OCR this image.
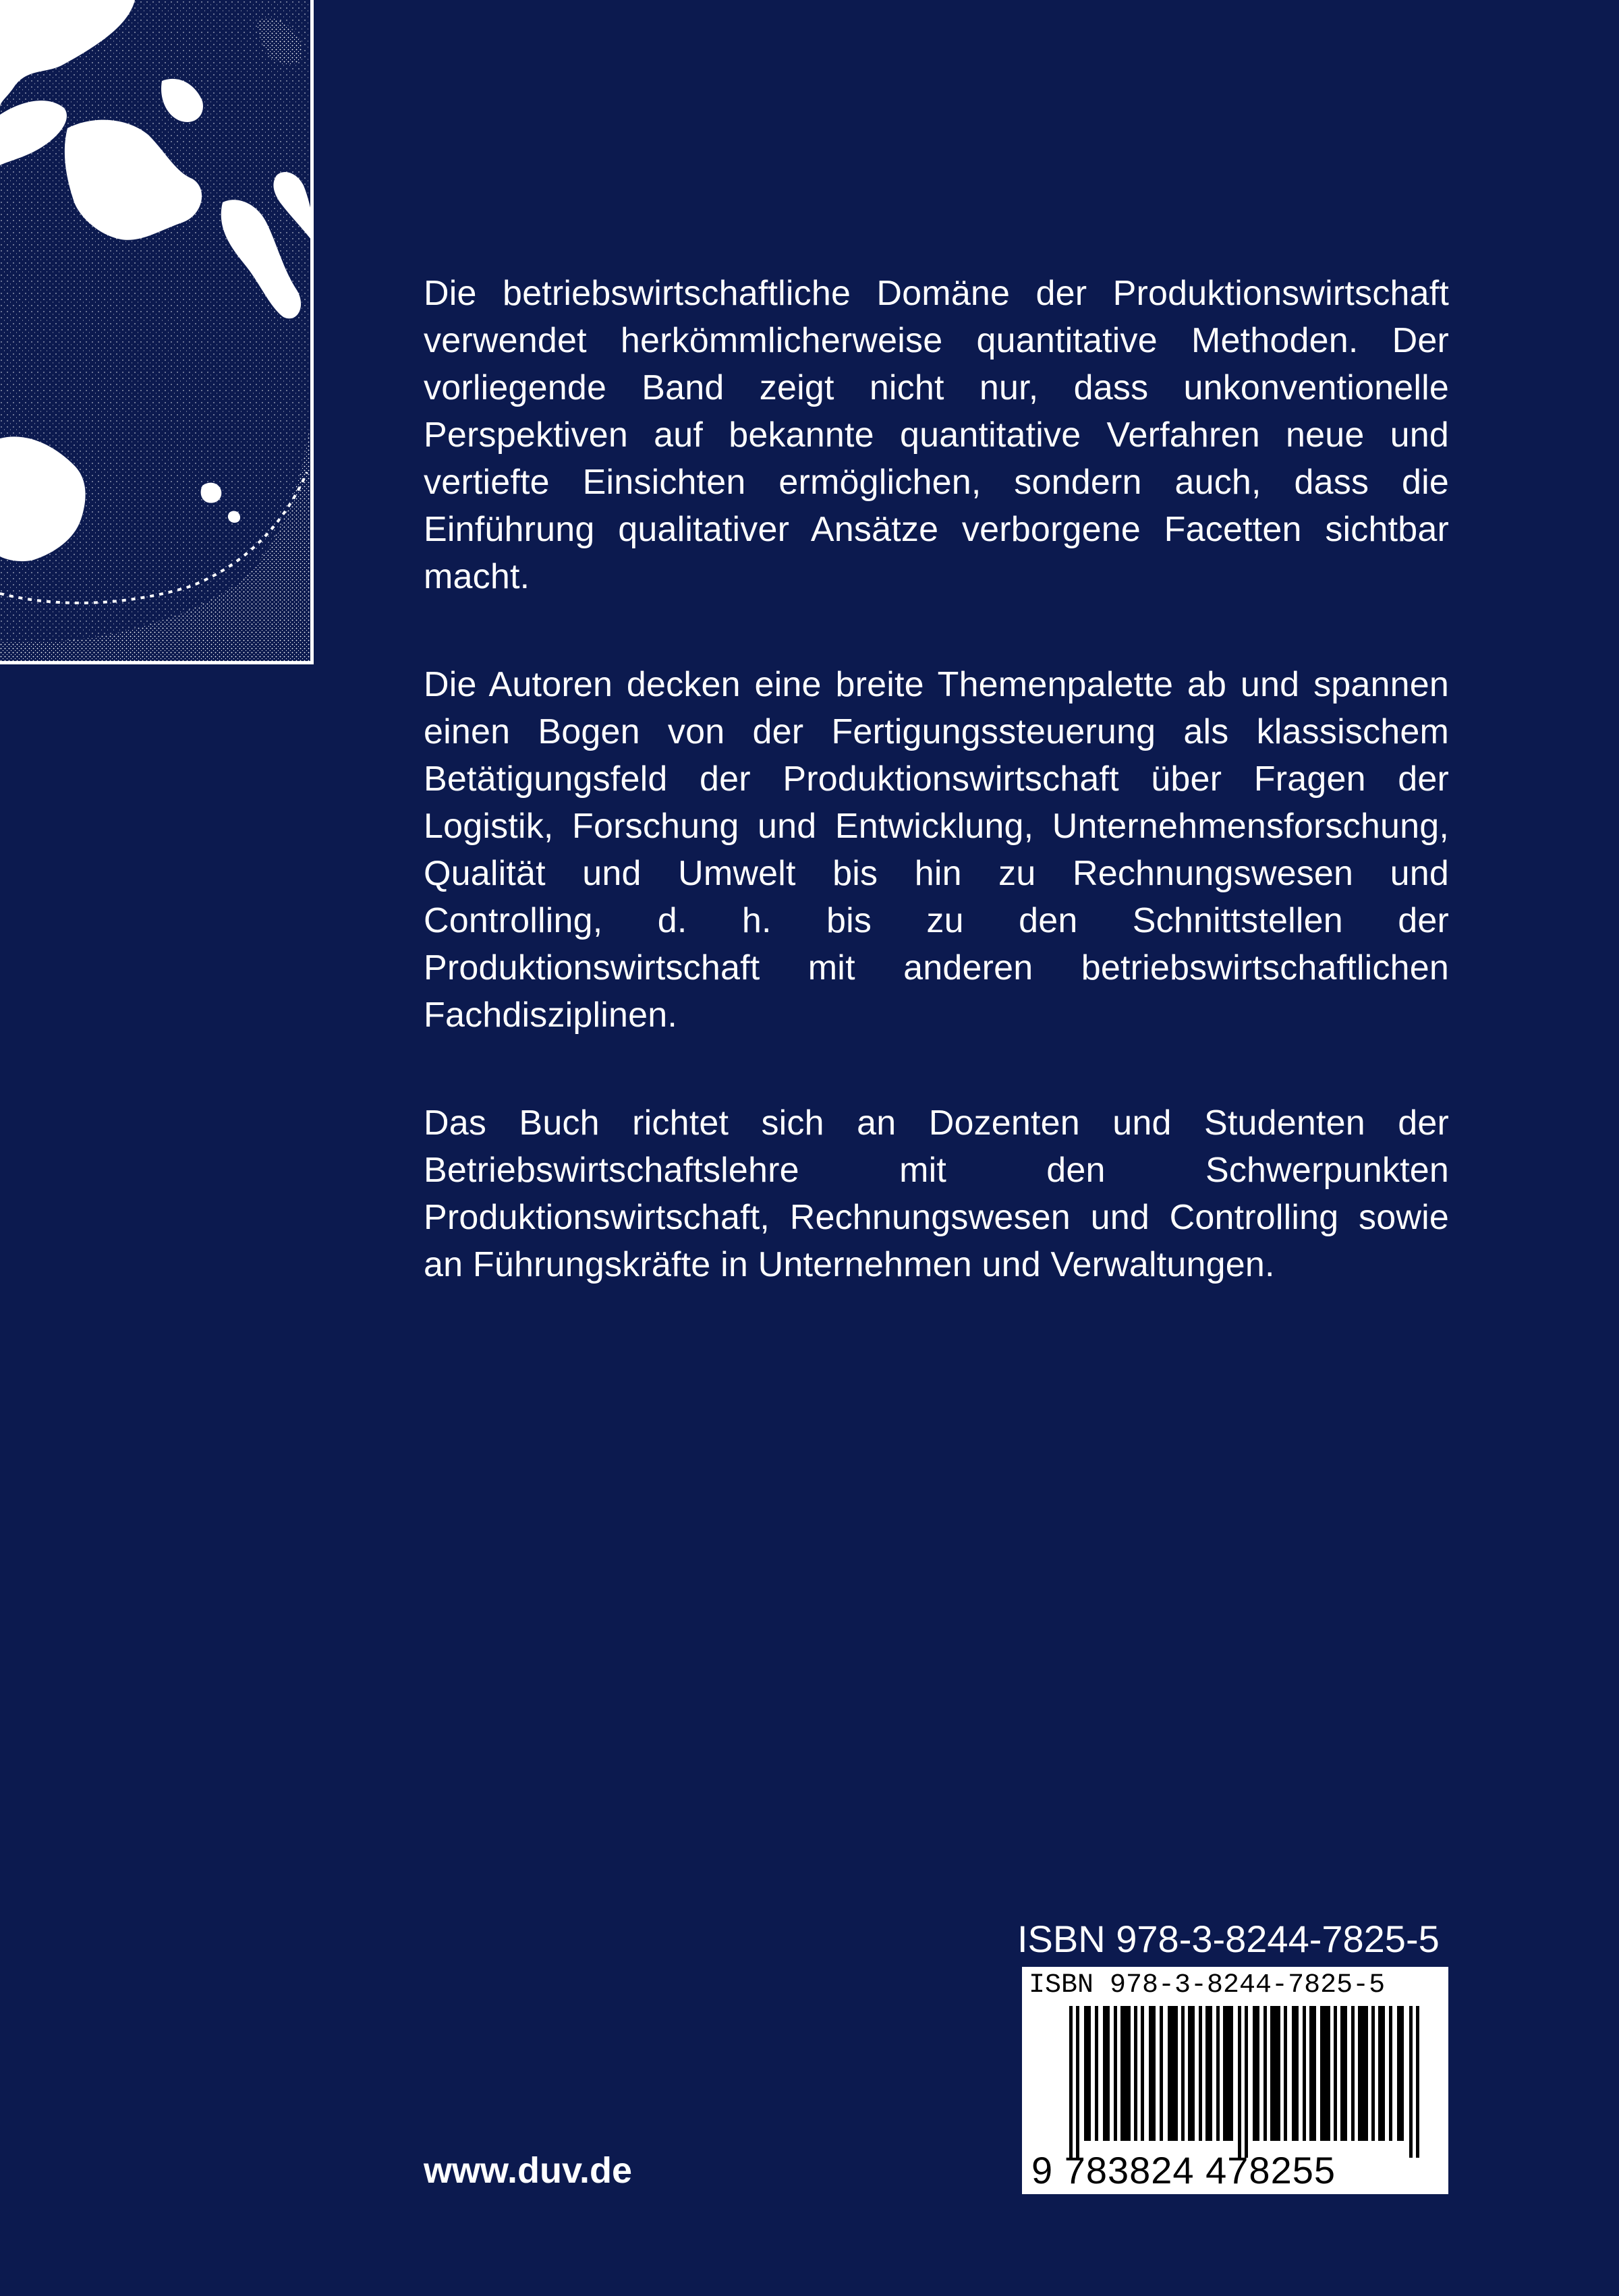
Die betriebswirtschaftliche Domäne der Produktionswirtschaft verwendet herkömmlicherweise quantitative Methoden. Der vorliegende Band zeigt nicht nur, dass unkonventionelle Perspektiven auf bekannte quantitative Verfahren neue und vertiefte Einsichten ermöglichen, sondern auch, dass die Einführung qualitativer Ansätze verborgene Facetten sichtbar macht.

Die Autoren decken eine breite Themenpalette ab und spannen einen Bogen von der Fertigungssteuerung als klassischem Betätigungsfeld der Produktionswirtschaft über Fragen der Logistik, Forschung und Entwicklung, Unternehmensforschung, Qualität und Umwelt bis hin zu Rechnungswesen und Controlling, d. h. bis zu den Schnittstellen der Produktionswirtschaft mit anderen betriebswirtschaftlichen Fachdisziplinen.

Das Buch richtet sich an Dozenten und Studenten der Betriebswirtschaftslehre mit den Schwerpunkten Produktionswirtschaft, Rechnungswesen und Controlling sowie an Führungskräfte in Unternehmen und Verwaltungen.

ISBN 978-3-8244-7825-5
ISBN 978-3-8244-7825-5
9 783824 478255
www.duv.de
